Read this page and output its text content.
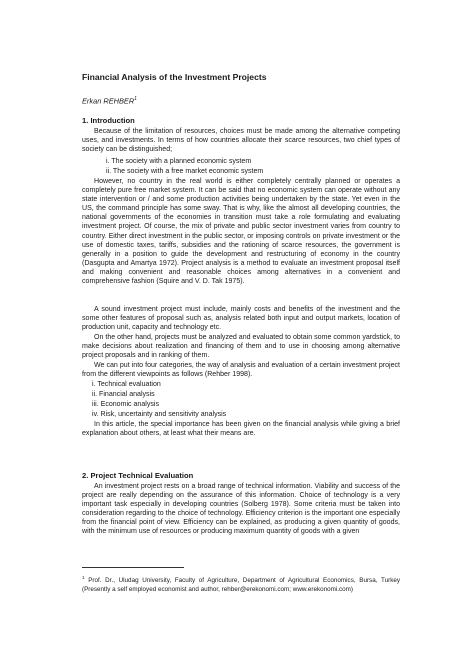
Financial Analysis of the Investment Projects
Erkan REHBER$^1$
1. Introduction

Because of the limitation of resources, choices must be made among the alternative competing uses, and investments. In terms of how countries allocate their scarce resources, two chief types of society can be distinguished;

i. The society with a planned economic system
ii. The society with a free market economic system

However, no country in the real world is either completely centrally planned or operates a completely pure free market system. It can be said that no economic system can operate without any state intervention or / and some production activities being undertaken by the state. Yet even in the US, the command principle has some sway. That is why, like the almost all developing countries, the national governments of the economies in transition must take a role formulating and evaluating investment project. Of course, the mix of private and public sector investment varies from country to country. Either direct investment in the public sector, or imposing controls on private investment or the use of domestic taxes, tariffs, subsidies and the rationing of scarce resources, the government is generally in a position to guide the development and restructuring of economy in the country (Dasgupta and Amartya 1972). Project analysis is a method to evaluate an investment proposal itself and making convenient and reasonable choices among alternatives in a convenient and comprehensive fashion (Squire and V. D. Tak 1975).

A sound investment project must include, mainly costs and benefits of the investment and the some other features of proposal such as, analysis related both input and output markets, location of production unit, capacity and technology etc.

On the other hand, projects must be analyzed and evaluated to obtain some common yardstick, to make decisions about realization and financing of them and to use in choosing among alternative project proposals and in ranking of them.

We can put into four categories, the way of analysis and evaluation of a certain investment project from the different viewpoints as follows (Rehber 1998).

i. Technical evaluation
ii. Financial analysis
iii. Economic analysis
iv. Risk, uncertainty and sensitivity analysis

In this article, the special importance has been given on the financial analysis while giving a brief explanation about others, at least what their means are.

2. Project Technical Evaluation

An investment project rests on a broad range of technical information. Viability and success of the project are really depending on the assurance of this information. Choice of technology is a very important task especially in developing countries (Solberg 1978). Some criteria must be taken into consideration regarding to the choice of technology. Efficiency criterion is the important one especially from the financial point of view. Efficiency can be explained, as producing a given quantity of goods, with the minimum use of resources or producing maximum quantity of goods with a given

$^1$ Prof. Dr., Uludag University, Faculty of Agriculture, Department of Agricultural Economics, Bursa, Turkey (Presently a self employed economist and author, rehber@erekonomi.com; www.erekonomi.com)
